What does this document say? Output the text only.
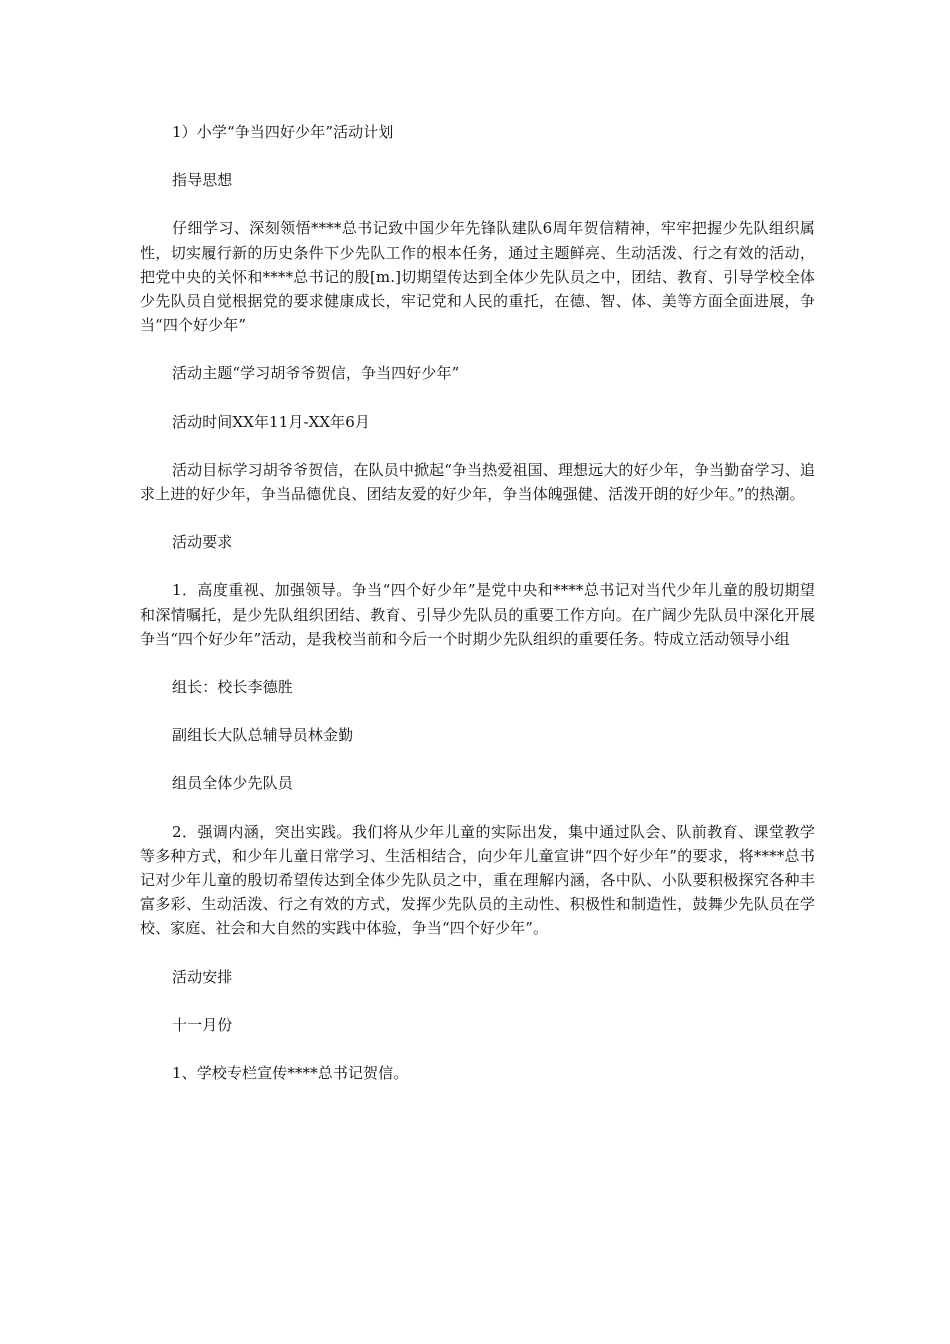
1）小学“争当四好少年”活动计划

指导思想

仔细学习、深刻领悟****总书记致中国少年先锋队建队6周年贺信精神，牢牢把握少先队组织属性，切实履行新的历史条件下少先队工作的根本任务，通过主题鲜亮、生动活泼、行之有效的活动，把党中央的关怀和****总书记的殷[m.]切期望传达到全体少先队员之中，团结、教育、引导学校全体少先队员自觉根据党的要求健康成长，牢记党和人民的重托，在德、智、体、美等方面全面进展，争当“四个好少年”

活动主题“学习胡爷爷贺信，争当四好少年”

活动时间XX年11月-XX年6月

活动目标学习胡爷爷贺信，在队员中掀起“争当热爱祖国、理想远大的好少年，争当勤奋学习、追求上进的好少年，争当品德优良、团结友爱的好少年，争当体魄强健、活泼开朗的好少年。”的热潮。

活动要求

1．高度重视、加强领导。争当“四个好少年”是党中央和****总书记对当代少年儿童的殷切期望和深情嘱托，是少先队组织团结、教育、引导少先队员的重要工作方向。在广阔少先队员中深化开展争当“四个好少年”活动，是我校当前和今后一个时期少先队组织的重要任务。特成立活动领导小组

组长：校长李德胜

副组长大队总辅导员林金勤

组员全体少先队员

2．强调内涵，突出实践。我们将从少年儿童的实际出发，集中通过队会、队前教育、课堂教学等多种方式，和少年儿童日常学习、生活相结合，向少年儿童宣讲“四个好少年”的要求，将****总书记对少年儿童的殷切希望传达到全体少先队员之中，重在理解内涵，各中队、小队要积极探究各种丰富多彩、生动活泼、行之有效的方式，发挥少先队员的主动性、积极性和制造性，鼓舞少先队员在学校、家庭、社会和大自然的实践中体验，争当“四个好少年”。

活动安排

十一月份

1、学校专栏宣传****总书记贺信。
